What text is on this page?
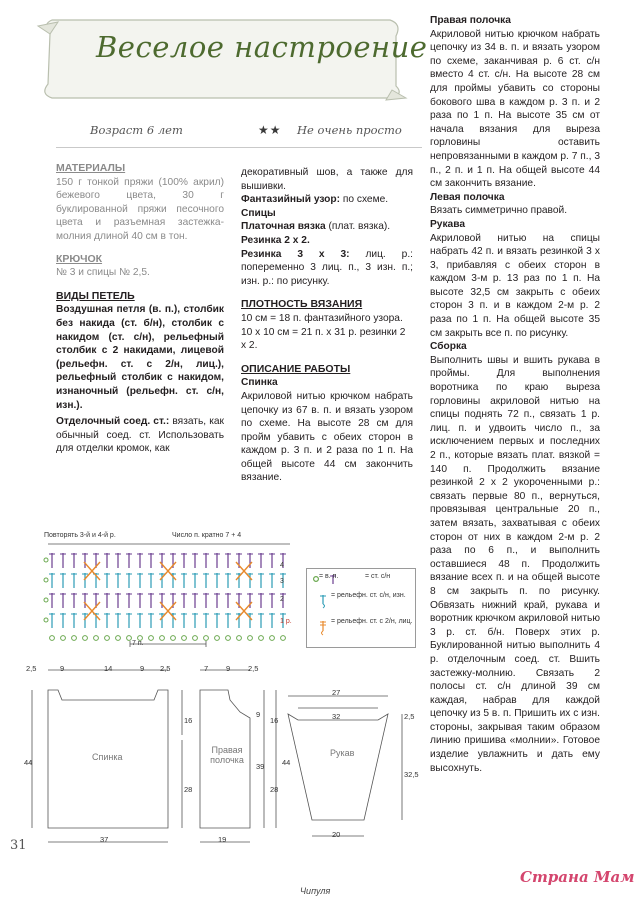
Веселое настроение
Возраст 6 лет	★★ Не очень просто
МАТЕРИАЛЫ
150 г тонкой пряжи (100% акрил) бежевого цвета, 30 г буклированной пряжи песочного цвета и разъемная застежка-молния длиной 40 см в тон.
КРЮЧОК
№ 3 и спицы № 2,5.
ВИДЫ ПЕТЕЛЬ
Воздушная петля (в. п.), столбик без накида (ст. б/н), столбик с накидом (ст. с/н), рельефный столбик с 2 накидами, лицевой (рельефн. ст. с 2/н, лиц.), рельефный столбик с накидом, изнаночный (рельефн. ст. с/н, изн.).
Отделочный соед. ст.: вязать, как обычный соед. ст. Использовать для отделки кромок, как
декоративный шов, а также для вышивки.
Фантазийный узор: по схеме.
Спицы
Платочная вязка (плат. вязка).
Резинка 2 х 2.
Резинка 3 х 3: лиц. р.: попеременно 3 лиц. п., 3 изн. п.; изн. р.: по рисунку.
ПЛОТНОСТЬ ВЯЗАНИЯ
10 см = 18 п. фантазийного узора.
10 х 10 см = 21 п. х 31 р. резинки 2 х 2.
ОПИСАНИЕ РАБОТЫ
Спинка
Акриловой нитью крючком набрать цепочку из 67 в. п. и вязать узором по схеме. На высоте 28 см для пройм убавить с обеих сторон в каждом р. 3 п. и 2 раза по 1 п. На общей высоте 44 см закончить вязание.
Правая полочка
Акриловой нитью крючком набрать цепочку из 34 в. п. и вязать узором по схеме, заканчивая р. 6 ст. с/н вместо 4 ст. с/н. На высоте 28 см для проймы убавить со стороны бокового шва в каждом р. 3 п. и 2 раза по 1 п. На высоте 35 см от начала вязания для выреза горловины оставить непровязанными в каждом р. 7 п., 3 п., 2 п. и 1 п. На общей высоте 44 см закончить вязание.
Левая полочка
Вязать симметрично правой.
Рукава
Акриловой нитью на спицы набрать 42 п. и вязать резинкой 3 х 3, прибавляя с обеих сторон в каждом 3-м р. 13 раз по 1 п. На высоте 32,5 см закрыть с обеих сторон 3 п. и в каждом 2-м р. 2 раза по 1 п. На общей высоте 35 см закрыть все п. по рисунку.
Сборка
Выполнить швы и вшить рукава в проймы. Для выполнения воротника по краю выреза горловины акриловой нитью на спицы поднять 72 п., связать 1 р. лиц. п. и удвоить число п., за исключением первых и последних 2 п., которые вязать плат. вязкой = 140 п. Продолжить вязание резинкой 2 х 2 укороченными р.: связать первые 80 п., вернуться, провязывая центральные 20 п., затем вязать, захватывая с обеих сторон от них в каждом 2-м р. 2 раза по 6 п., и выполнить оставшиеся 48 п. Продолжить вязание всех п. и на общей высоте 8 см закрыть п. по рисунку. Обвязать нижний край, рукава и воротник крючком акриловой нитью 3 р. ст. б/н. Поверх этих р. Буклированной нитью выполнить 4 р. отделочным соед. ст. Вшить застежку-молнию. Связать 2 полосы ст. с/н длиной 39 см каждая, набрав для каждой цепочку из 5 в. п. Пришить их с изн. стороны, закрывая таким образом линию пришива «молнии». Готовое изделие увлажнить и дать ему высохнуть.
Повторять 3-й и 4-й р.	Число п. кратно 7 + 4
4
3
2
1 р.
7 п.
= в. п.	= ст. с/н
= рельефн. ст. с/н, изн.
= рельефн. ст. с 2/н, лиц.
2,5	9	14	9 2,5
44
16
28
37
Спинка
7 9 2,5
Правая полочка
9
16
39
28
44
19
27
32
Рукав
20
2,5
32,5
31
Чипуля
Страна Мам
